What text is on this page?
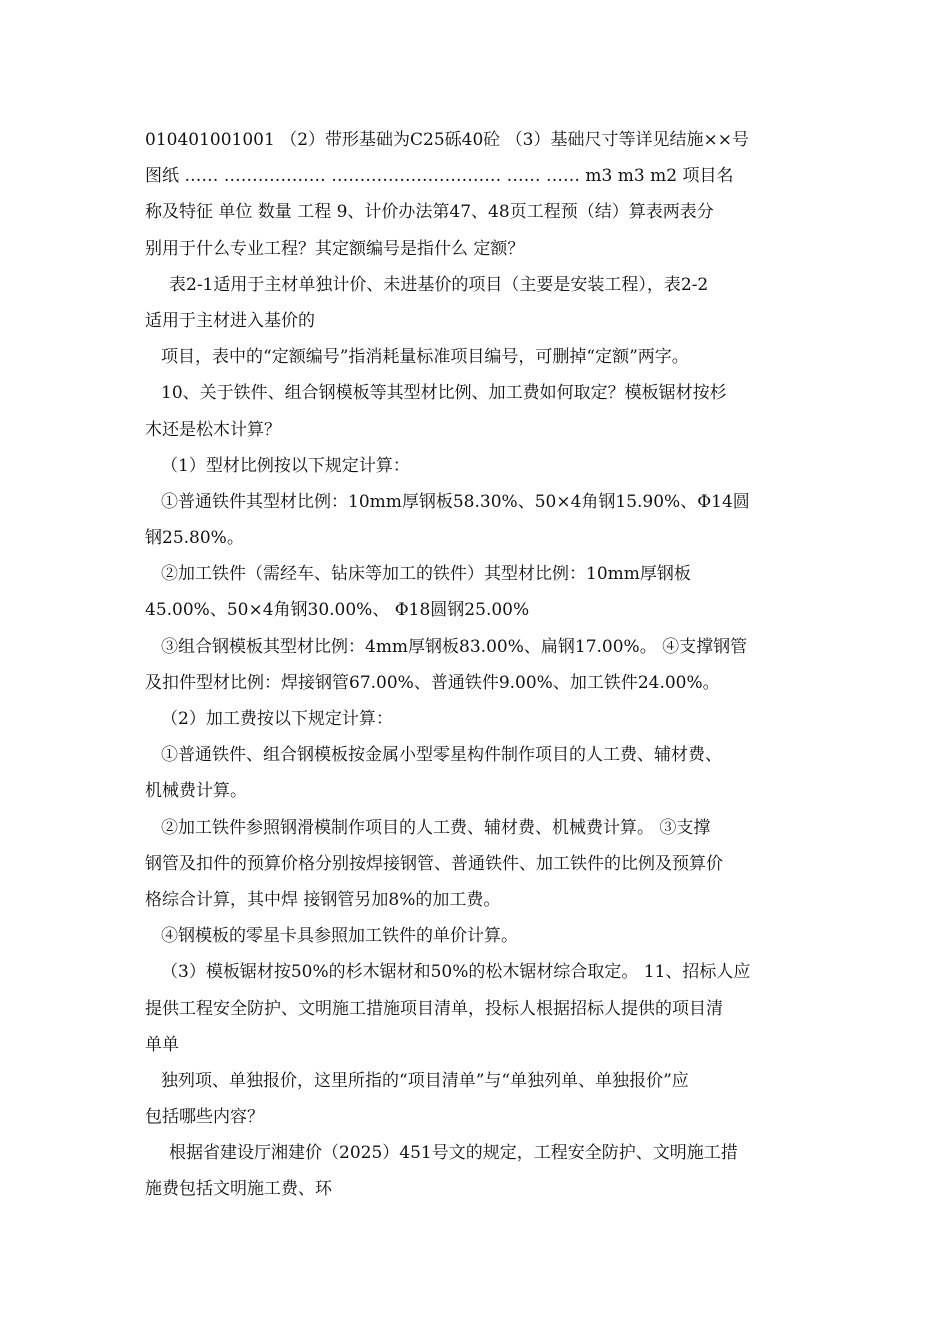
010401001001 （2）带形基础为C25砾40砼 （3）基础尺寸等详见结施××号
图纸 …… ……………… ………………………… …… …… m3 m3 m2 项目名
称及特征 单位 数量 工程 9、计价办法第47、48页工程预（结）算表两表分
别用于什么专业工程？其定额编号是指什么 定额？
表2-1适用于主材单独计价、未进基价的项目（主要是安装工程），表2-2
适用于主材进入基价的
项目，表中的“定额编号”指消耗量标准项目编号，可删掉“定额”两字。
10、关于铁件、组合钢模板等其型材比例、加工费如何取定？模板锯材按杉
木还是松木计算？
（1）型材比例按以下规定计算：
①普通铁件其型材比例：10mm厚钢板58.30%、50×4角钢15.90%、Φ14圆
钢25.80%。
②加工铁件（需经车、钻床等加工的铁件）其型材比例：10mm厚钢板
45.00%、50×4角钢30.00%、 Φ18圆钢25.00%
③组合钢模板其型材比例：4mm厚钢板83.00%、扁钢17.00%。 ④支撑钢管
及扣件型材比例：焊接钢管67.00%、普通铁件9.00%、加工铁件24.00%。
（2）加工费按以下规定计算：
①普通铁件、组合钢模板按金属小型零星构件制作项目的人工费、辅材费、
机械费计算。
②加工铁件参照钢滑模制作项目的人工费、辅材费、机械费计算。 ③支撑
钢管及扣件的预算价格分别按焊接钢管、普通铁件、加工铁件的比例及预算价
格综合计算，其中焊 接钢管另加8%的加工费。
④钢模板的零星卡具参照加工铁件的单价计算。
（3）模板锯材按50%的杉木锯材和50%的松木锯材综合取定。 11、招标人应
提供工程安全防护、文明施工措施项目清单，投标人根据招标人提供的项目清
单单
独列项、单独报价，这里所指的“项目清单”与“单独列单、单独报价”应
包括哪些内容？
根据省建设厅湘建价（2025）451号文的规定，工程安全防护、文明施工措
施费包括文明施工费、环
